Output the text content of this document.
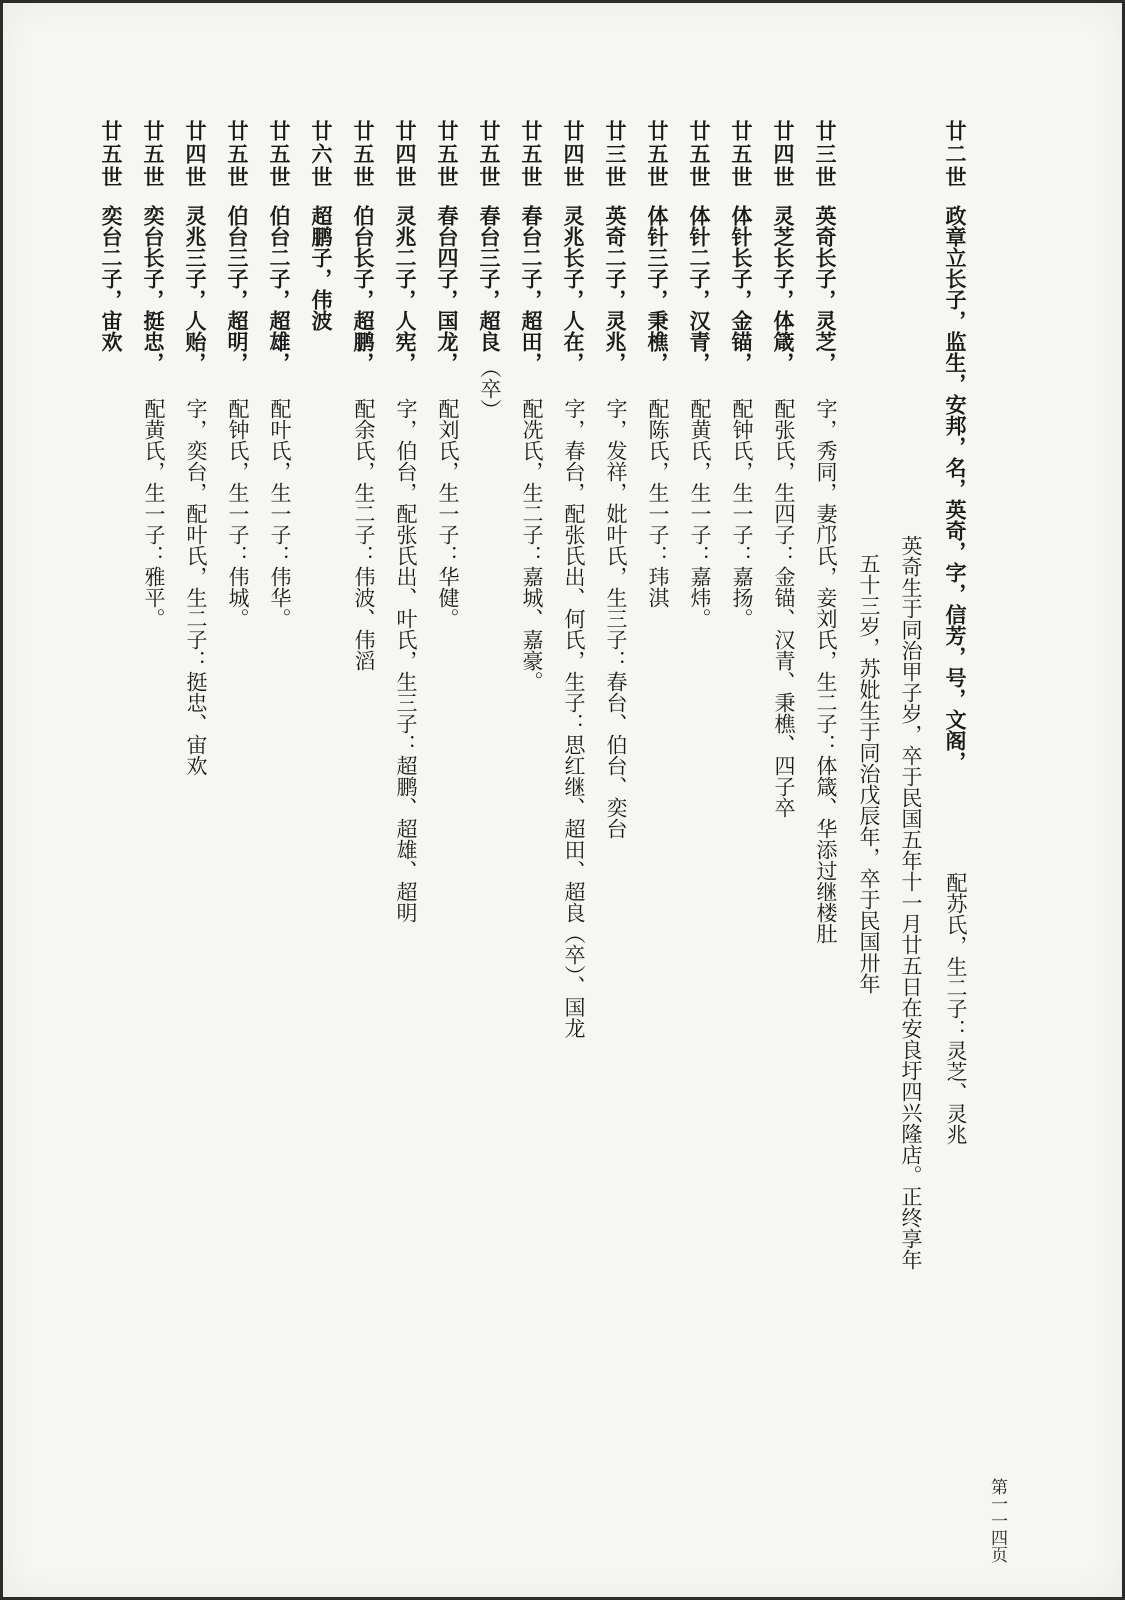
廿二世
政章立长子，监生，安邦，名，英奇，字，信芳，号，文阁，
配苏氏，生二子：灵芝、灵兆
英奇生于同治甲子岁，卒于民国五年十一月廿五日在安良圩四兴隆店。正终享年
五十三岁，苏妣生于同治戊辰年，卒于民国卅年
廿三世
英奇长子，灵芝，
字，秀同，妻邝氏，妾刘氏，生二子：体箴、华添过继楼肚
廿四世
灵芝长子，体箴，
配张氏，生四子：金锚、汉青、秉樵、四子卒
廿五世
体针长子，金锚，
配钟氏，生一子：嘉扬。
廿五世
体针二子，汉青，
配黄氏，生一子：嘉炜。
廿五世
体针三子，秉樵，
配陈氏，生一子：玮淇
廿三世
英奇二子，灵兆，
字，发祥，妣叶氏，生三子：春台、伯台、奕台
廿四世
灵兆长子，人在，
字，春台，配张氏出、何氏，生子：思红继、超田、超良（卒）、国龙
廿五世
春台二子，超田，
配冼氏，生二子：嘉城、嘉豪。
廿五世
春台三子，超良
（卒）
廿五世
春台四子，国龙，
配刘氏，生一子：华健。
廿四世
灵兆二子，人宪，
字，伯台，配张氏出、叶氏，生三子：超鹏、超雄、超明
廿五世
伯台长子，超鹏，
配余氏，生二子：伟波、伟滔
廿六世
超鹏子，伟波
廿五世
伯台二子，超雄，
配叶氏，生一子：伟华。
廿五世
伯台三子，超明，
配钟氏，生一子：伟城。
廿四世
灵兆三子，人贻，
字，奕台，配叶氏，生二子：挺忠、宙欢
廿五世
奕台长子，挺忠，
配黄氏，生一子：雅平。
廿五世
奕台二子，宙欢
第一一四页
